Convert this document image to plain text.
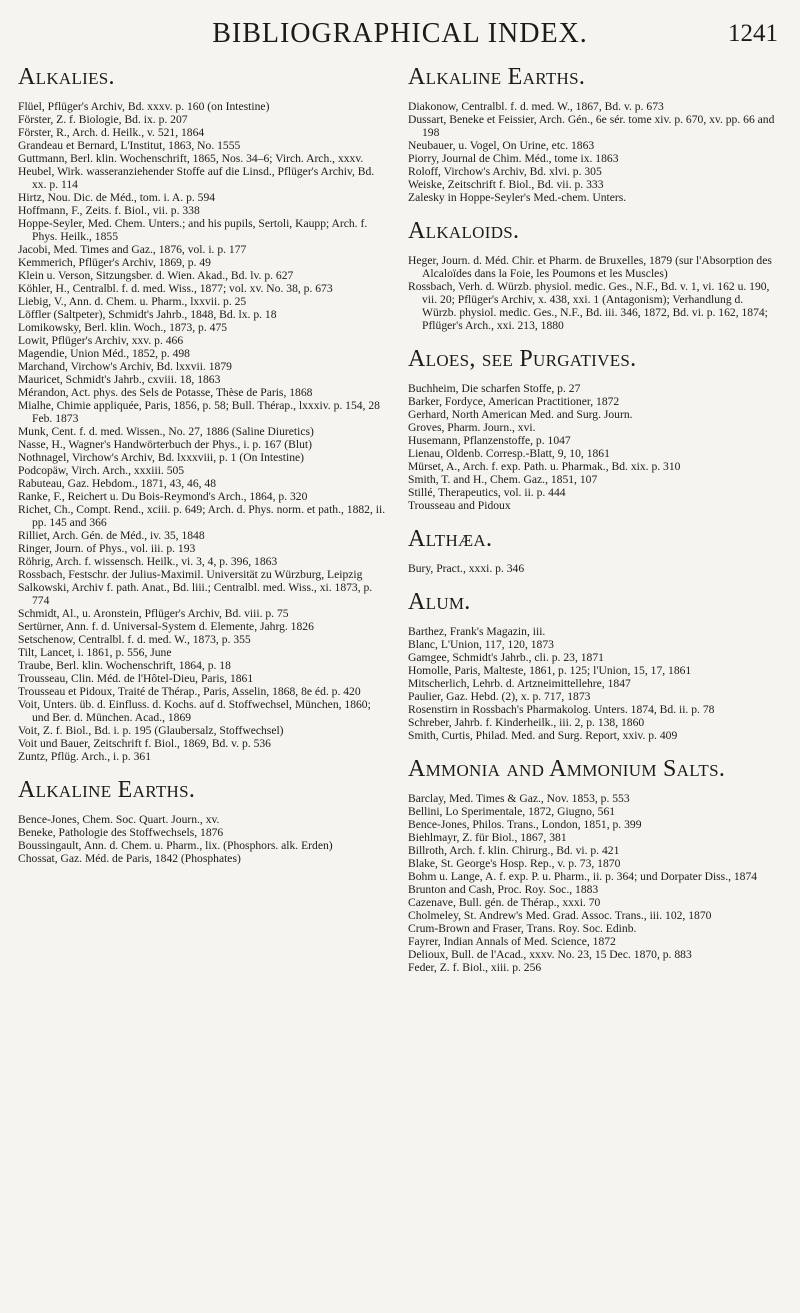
BIBLIOGRAPHICAL INDEX.	1241
Alkalies.

Flüel, Pflüger's Archiv, Bd. xxxv. p. 160 (on Intestine)

Förster, Z. f. Biologie, Bd. ix. p. 207

Förster, R., Arch. d. Heilk., v. 521, 1864

Grandeau et Bernard, L'Institut, 1863, No. 1555

Guttmann, Berl. klin. Wochenschrift, 1865, Nos. 34–6; Virch. Arch., xxxv.

Heubel, Wirk. wasseranziehender Stoffe auf die Linsd., Pflüger's Archiv, Bd. xx. p. 114

Hirtz, Nou. Dic. de Méd., tom. i. A. p. 594

Hoffmann, F., Zeits. f. Biol., vii. p. 338

Hoppe-Seyler, Med. Chem. Unters.; and his pupils, Sertoli, Kaupp; Arch. f. Phys. Heilk., 1855

Jacobi, Med. Times and Gaz., 1876, vol. i. p. 177

Kemmerich, Pflüger's Archiv, 1869, p. 49

Klein u. Verson, Sitzungsber. d. Wien. Akad., Bd. lv. p. 627

Köhler, H., Centralbl. f. d. med. Wiss., 1877; vol. xv. No. 38, p. 673

Liebig, V., Ann. d. Chem. u. Pharm., lxxvii. p. 25

Löffler (Saltpeter), Schmidt's Jahrb., 1848, Bd. lx. p. 18

Lomikowsky, Berl. klin. Woch., 1873, p. 475

Lowit, Pflüger's Archiv, xxv. p. 466

Magendie, Union Méd., 1852, p. 498

Marchand, Virchow's Archiv, Bd. lxxvii. 1879

Mauricet, Schmidt's Jahrb., cxviii. 18, 1863

Mérandon, Act. phys. des Sels de Potasse, Thèse de Paris, 1868

Mialhe, Chimie appliquée, Paris, 1856, p. 58; Bull. Thérap., lxxxiv. p. 154, 28 Feb. 1873

Munk, Cent. f. d. med. Wissen., No. 27, 1886 (Saline Diuretics)

Nasse, H., Wagner's Handwörterbuch der Phys., i. p. 167 (Blut)

Nothnagel, Virchow's Archiv, Bd. lxxxviii, p. 1 (On Intestine)

Podcopäw, Virch. Arch., xxxiii. 505

Rabuteau, Gaz. Hebdom., 1871, 43, 46, 48

Ranke, F., Reichert u. Du Bois-Reymond's Arch., 1864, p. 320

Richet, Ch., Compt. Rend., xciii. p. 649; Arch. d. Phys. norm. et path., 1882, ii. pp. 145 and 366

Rilliet, Arch. Gén. de Méd., iv. 35, 1848

Ringer, Journ. of Phys., vol. iii. p. 193

Röhrig, Arch. f. wissensch. Heilk., vi. 3, 4, p. 396, 1863

Rossbach, Festschr. der Julius-Maximil. Universität zu Würzburg, Leipzig

Salkowski, Archiv f. path. Anat., Bd. liii.; Centralbl. med. Wiss., xi. 1873, p. 774

Schmidt, Al., u. Aronstein, Pflüger's Archiv, Bd. viii. p. 75

Sertürner, Ann. f. d. Universal-System d. Elemente, Jahrg. 1826

Setschenow, Centralbl. f. d. med. W., 1873, p. 355

Tilt, Lancet, i. 1861, p. 556, June

Traube, Berl. klin. Wochenschrift, 1864, p. 18

Trousseau, Clin. Méd. de l'Hôtel-Dieu, Paris, 1861

Trousseau et Pidoux, Traité de Thérap., Paris, Asselin, 1868, 8e éd. p. 420

Voit, Unters. üb. d. Einfluss. d. Kochs. auf d. Stoffwechsel, München, 1860; und Ber. d. München. Acad., 1869

Voit, Z. f. Biol., Bd. i. p. 195 (Glaubersalz, Stoffwechsel)

Voit und Bauer, Zeitschrift f. Biol., 1869, Bd. v. p. 536

Zuntz, Pflüg. Arch., i. p. 361

Alkaline Earths.

Bence-Jones, Chem. Soc. Quart. Journ., xv.

Beneke, Pathologie des Stoffwechsels, 1876

Boussingault, Ann. d. Chem. u. Pharm., lix. (Phosphors. alk. Erden)

Chossat, Gaz. Méd. de Paris, 1842 (Phosphates)

Alkaline Earths.

Diakonow, Centralbl. f. d. med. W., 1867, Bd. v. p. 673

Dussart, Beneke et Feissier, Arch. Gén., 6e sér. tome xiv. p. 670, xv. pp. 66 and 198

Neubauer, u. Vogel, On Urine, etc. 1863

Piorry, Journal de Chim. Méd., tome ix. 1863

Roloff, Virchow's Archiv, Bd. xlvi. p. 305

Weiske, Zeitschrift f. Biol., Bd. vii. p. 333

Zalesky in Hoppe-Seyler's Med.-chem. Unters.

Alkaloids.

Heger, Journ. d. Méd. Chir. et Pharm. de Bruxelles, 1879 (sur l'Absorption des Alcaloïdes dans la Foie, les Poumons et les Muscles)

Rossbach, Verh. d. Würzb. physiol. medic. Ges., N.F., Bd. v. 1, vi. 162 u. 190, vii. 20; Pflüger's Archiv, x. 438, xxi. 1 (Antagonism); Verhandlung d. Würzb. physiol. medic. Ges., N.F., Bd. iii. 346, 1872, Bd. vi. p. 162, 1874; Pflüger's Arch., xxi. 213, 1880

Aloes, see Purgatives.

Buchheim, Die scharfen Stoffe, p. 27

Barker, Fordyce, American Practitioner, 1872

Gerhard, North American Med. and Surg. Journ.

Groves, Pharm. Journ., xvi.

Husemann, Pflanzenstoffe, p. 1047

Lienau, Oldenb. Corresp.-Blatt, 9, 10, 1861

Mürset, A., Arch. f. exp. Path. u. Pharmak., Bd. xix. p. 310

Smith, T. and H., Chem. Gaz., 1851, 107

Stillé, Therapeutics, vol. ii. p. 444

Trousseau and Pidoux

Althæa.

Bury, Pract., xxxi. p. 346

Alum.

Barthez, Frank's Magazin, iii.

Blanc, L'Union, 117, 120, 1873

Gamgee, Schmidt's Jahrb., cli. p. 23, 1871

Homolle, Paris, Malteste, 1861, p. 125; l'Union, 15, 17, 1861

Mitscherlich, Lehrb. d. Artzneimittellehre, 1847

Paulier, Gaz. Hebd. (2), x. p. 717, 1873

Rosenstirn in Rossbach's Pharmakolog. Unters. 1874, Bd. ii. p. 78

Schreber, Jahrb. f. Kinderheilk., iii. 2, p. 138, 1860

Smith, Curtis, Philad. Med. and Surg. Report, xxiv. p. 409

Ammonia and Ammonium Salts.

Barclay, Med. Times & Gaz., Nov. 1853, p. 553

Bellini, Lo Sperimentale, 1872, Giugno, 561

Bence-Jones, Philos. Trans., London, 1851, p. 399

Biehlmayr, Z. für Biol., 1867, 381

Billroth, Arch. f. klin. Chirurg., Bd. vi. p. 421

Blake, St. George's Hosp. Rep., v. p. 73, 1870

Bohm u. Lange, A. f. exp. P. u. Pharm., ii. p. 364; und Dorpater Diss., 1874

Brunton and Cash, Proc. Roy. Soc., 1883

Cazenave, Bull. gén. de Thérap., xxxi. 70

Cholmeley, St. Andrew's Med. Grad. Assoc. Trans., iii. 102, 1870

Crum-Brown and Fraser, Trans. Roy. Soc. Edinb.

Fayrer, Indian Annals of Med. Science, 1872

Delioux, Bull. de l'Acad., xxxv. No. 23, 15 Dec. 1870, p. 883

Feder, Z. f. Biol., xiii. p. 256
